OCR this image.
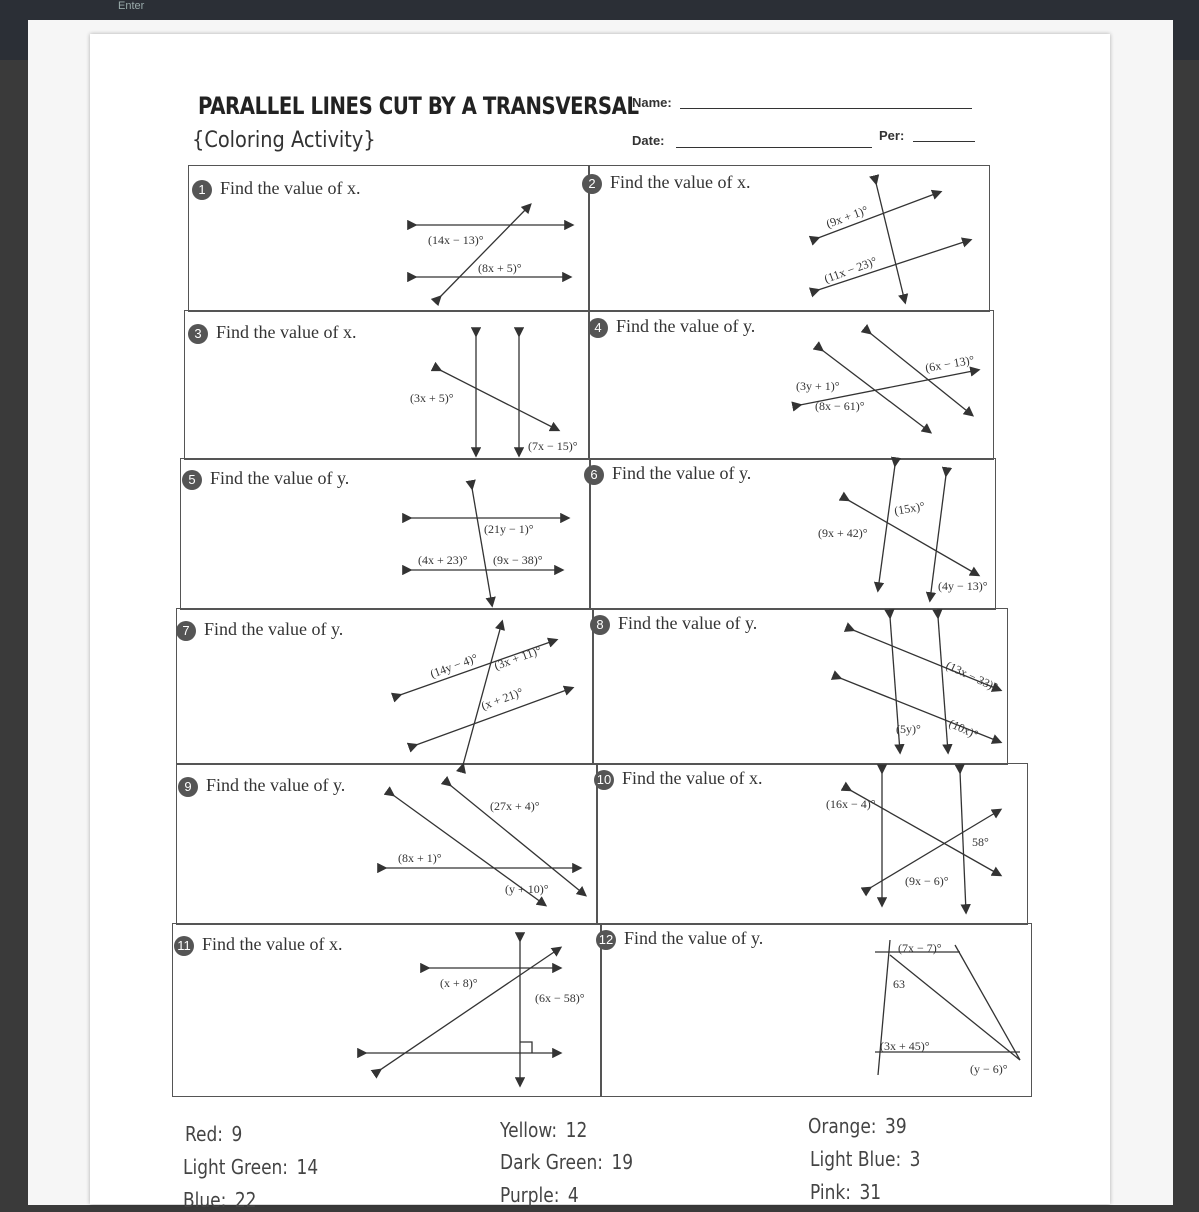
Enter
PARALLEL LINES CUT BY A TRANSVERSAL
{Coloring Activity}
Name:
Date:	Per:
1 Find the value of x.	2 Find the value of x.
3 Find the value of x.	4 Find the value of y.
5 Find the value of y.	6 Find the value of y.
7 Find the value of y.	8 Find the value of y.
9 Find the value of y.	10 Find the value of x.
11 Find the value of x.	12 Find the value of y.
(14x − 13)°
(8x + 5)°
(9x + 1)°
(11x − 23)°
(3x + 5)°
(7x − 15)°
(3y + 1)°
(8x − 61)°
(6x − 13)°
(21y − 1)°
(4x + 23)° (9x − 38)°
(15x)°
(9x + 42)°
(4y − 13)°
(14y − 4)° (3x + 11)°
(x + 21)°
(13x − 33)°
(5y)° (10x)°
(27x + 4)°
(8x + 1)°
(y + 10)°
(16x − 4)°
58°
(9x − 6)°
(x + 8)°
(6x − 58)°
(7x − 7)°
63
(3x + 45)°
(y − 6)°
Red: 9	Yellow: 12	Orange: 39
Light Green: 14	Dark Green: 19	Light Blue: 3
Blue: 22	Purple: 4	Pink: 31
